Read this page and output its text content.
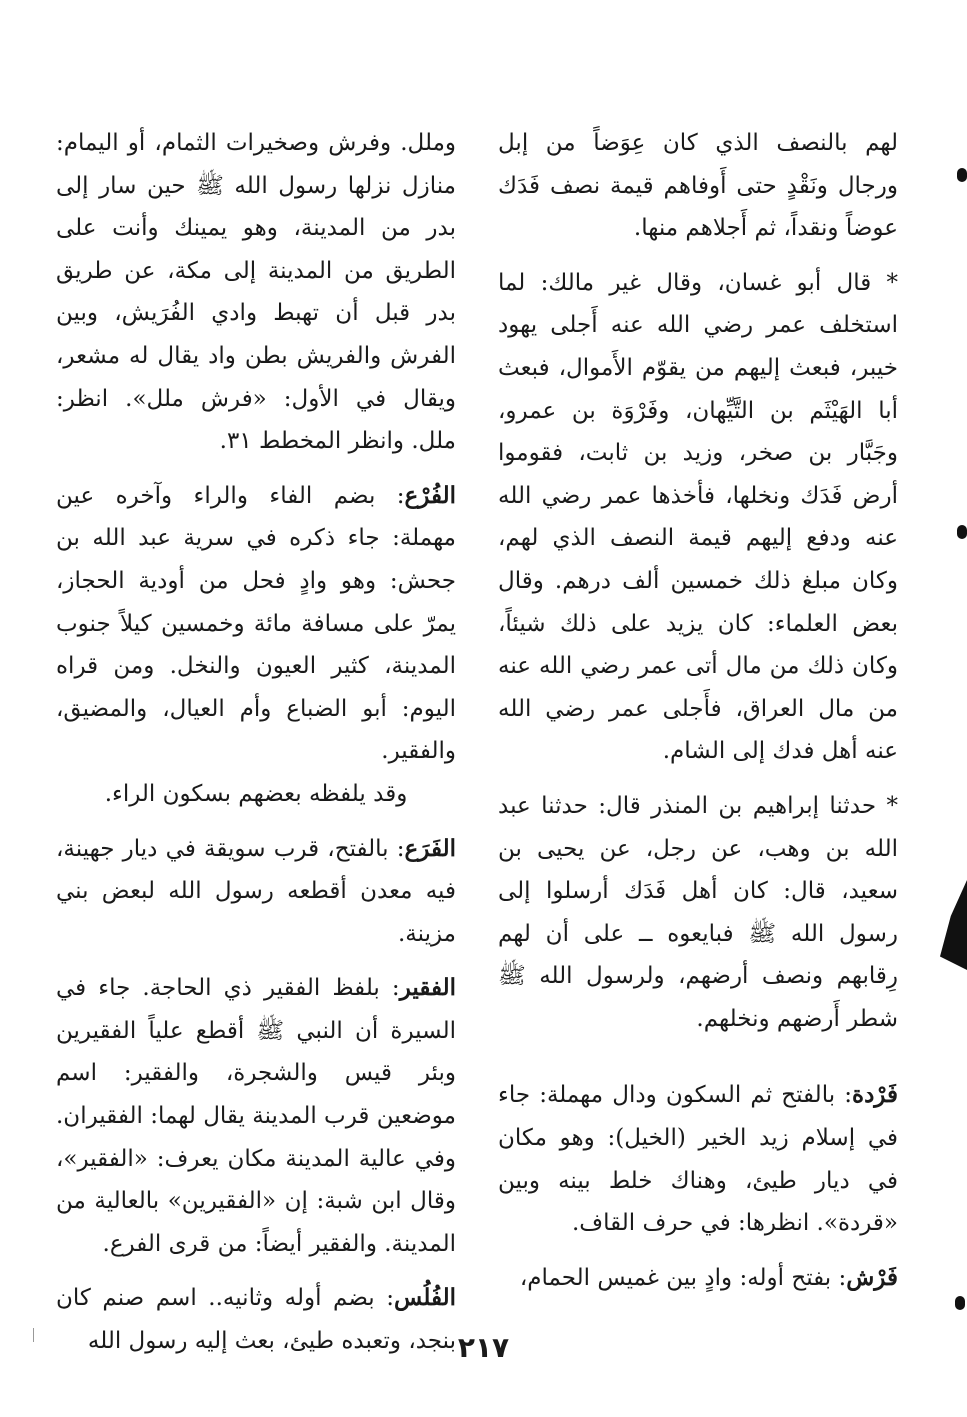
لهم بالنصف الذي كان عِوَضاً من إبل ورجال ونَقْدٍ حتى أَوفاهم قيمة نصف فَدَك عوضاً ونقداً، ثم أَجلاهم منها.

* قال أبو غسان، وقال غير مالك: لما استخلف عمر رضي الله عنه أَجلى يهود خيبر، فبعث إليهم من يقوّم الأَموال، فبعث أبا الهَيْثَم بن التَّيِّهان، وفَرْوَة بن عمرو، وجَبَّار بن صخر، وزيد بن ثابت، فقوموا أرض فَدَك ونخلها، فأخذها عمر رضي الله عنه ودفع إليهم قيمة النصف الذي لهم، وكان مبلغ ذلك خمسين ألف درهم. وقال بعض العلماء: كان يزيد على ذلك شيئاً، وكان ذلك من مال أتى عمر رضي الله عنه من مال العراق، فأَجلى عمر رضي الله عنه أهل فدك إلى الشام.

* حدثنا إبراهيم بن المنذر قال: حدثنا عبد الله بن وهب، عن رجل، عن يحيى بن سعيد، قال: كان أهل فَدَك أرسلوا إلى رسول الله ﷺ فبايعوه ــ على أن لهم رِقابهم ونصف أرضهم، ولرسول الله ﷺ شطر أَرضهم ونخلهم.

فَرْدة: بالفتح ثم السكون ودال مهملة: جاء في إسلام زيد الخير (الخيل): وهو مكان في ديار طيئ، وهناك خلط بينه وبين «قردة». انظرها: في حرف القاف.

فَرْش: بفتح أوله: وادٍ بين غميس الحمام،

وملل. وفرش وصخيرات الثمام، أو اليمام: منازل نزلها رسول الله ﷺ حين سار إلى بدر من المدينة، وهو يمينك وأنت على الطريق من المدينة إلى مكة، عن طريق بدر قبل أن تهبط وادي الفُرَيش، وبين الفرش والفريش بطن واد يقال له مشعر، ويقال في الأول: «فرش ملل». انظر: ملل. وانظر المخطط ٣١.

الفُرْع: بضم الفاء والراء وآخره عين مهملة: جاء ذكره في سرية عبد الله بن جحش: وهو وادٍ فحل من أودية الحجاز، يمرّ على مسافة مائة وخمسين كيلاً جنوب المدينة، كثير العيون والنخل. ومن قراه اليوم: أبو الضباع وأم العيال، والمضيق، والفقير.

وقد يلفظه بعضهم بسكون الراء.

الفَرَع: بالفتح، قرب سويقة في ديار جهينة، فيه معدن أقطعه رسول الله لبعض بني مزينة.

الفقير: بلفظ الفقير ذي الحاجة. جاء في السيرة أن النبي ﷺ أقطع علياً الفقيرين وبئر قيس والشجرة، والفقير: اسم موضعين قرب المدينة يقال لهما: الفقيران. وفي عالية المدينة مكان يعرف: «الفقير»، وقال ابن شبة: إن «الفقيرين» بالعالية من المدينة. والفقير أيضاً: من قرى الفرع.

الفُلُس: بضم أوله وثانيه.. اسم صنم كان بنجد، وتعبده طيئ، بعث إليه رسول الله ٢١٧
